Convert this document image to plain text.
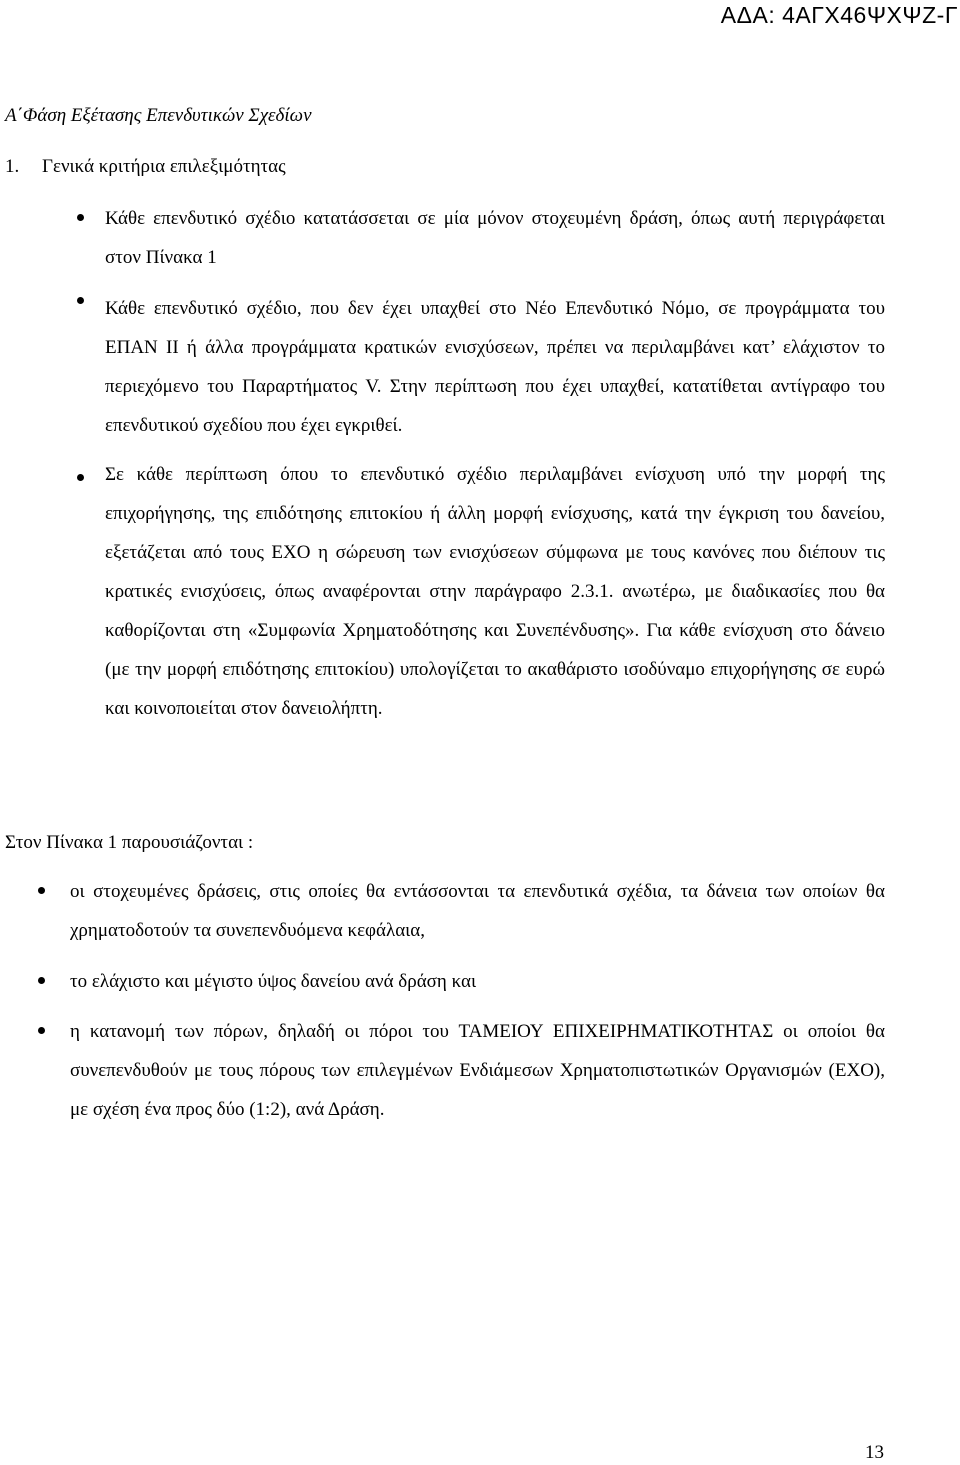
ΑΔΑ: 4ΑΓΧ46ΨΧΨΖ-Γ
Α΄Φάση Εξέτασης Επενδυτικών Σχεδίων
1. Γενικά κριτήρια επιλεξιμότητας

Κάθε επενδυτικό σχέδιο κατατάσσεται σε μία μόνον στοχευμένη δράση, όπως αυτή περιγράφεται στον Πίνακα 1

Κάθε επενδυτικό σχέδιο, που δεν έχει υπαχθεί στο Νέο Επενδυτικό Νόμο, σε προγράμματα του ΕΠΑΝ ΙΙ ή άλλα προγράμματα κρατικών ενισχύσεων, πρέπει να περιλαμβάνει κατ’ ελάχιστον το περιεχόμενο του Παραρτήματος V. Στην περίπτωση που έχει υπαχθεί, κατατίθεται αντίγραφο του επενδυτικού σχεδίου που έχει εγκριθεί.

Σε κάθε περίπτωση όπου το επενδυτικό σχέδιο περιλαμβάνει ενίσχυση υπό την μορφή της επιχορήγησης, της επιδότησης επιτοκίου ή άλλη μορφή ενίσχυσης, κατά την έγκριση του δανείου, εξετάζεται από τους ΕΧΟ η σώρευση των ενισχύσεων σύμφωνα με τους κανόνες που διέπουν τις κρατικές ενισχύσεις, όπως αναφέρονται στην παράγραφο 2.3.1. ανωτέρω, με διαδικασίες που θα καθορίζονται στη «Συμφωνία Χρηματοδότησης και Συνεπένδυσης». Για κάθε ενίσχυση στο δάνειο (με την μορφή επιδότησης επιτοκίου) υπολογίζεται το ακαθάριστο ισοδύναμο επιχορήγησης σε ευρώ και κοινοποιείται στον δανειολήπτη.

Στον Πίνακα 1 παρουσιάζονται :

οι στοχευμένες δράσεις, στις οποίες θα εντάσσονται τα επενδυτικά σχέδια, τα δάνεια των οποίων θα χρηματοδοτούν τα συνεπενδυόμενα κεφάλαια,

το ελάχιστο και μέγιστο ύψος δανείου ανά δράση και

η κατανομή των πόρων, δηλαδή οι πόροι του ΤΑΜΕΙΟΥ ΕΠΙΧΕΙΡΗΜΑΤΙΚΟΤΗΤΑΣ οι οποίοι θα συνεπενδυθούν με τους πόρους των επιλεγμένων Ενδιάμεσων Χρηματοπιστωτικών Οργανισμών (ΕΧΟ), με σχέση ένα προς δύο (1:2), ανά Δράση.

13
